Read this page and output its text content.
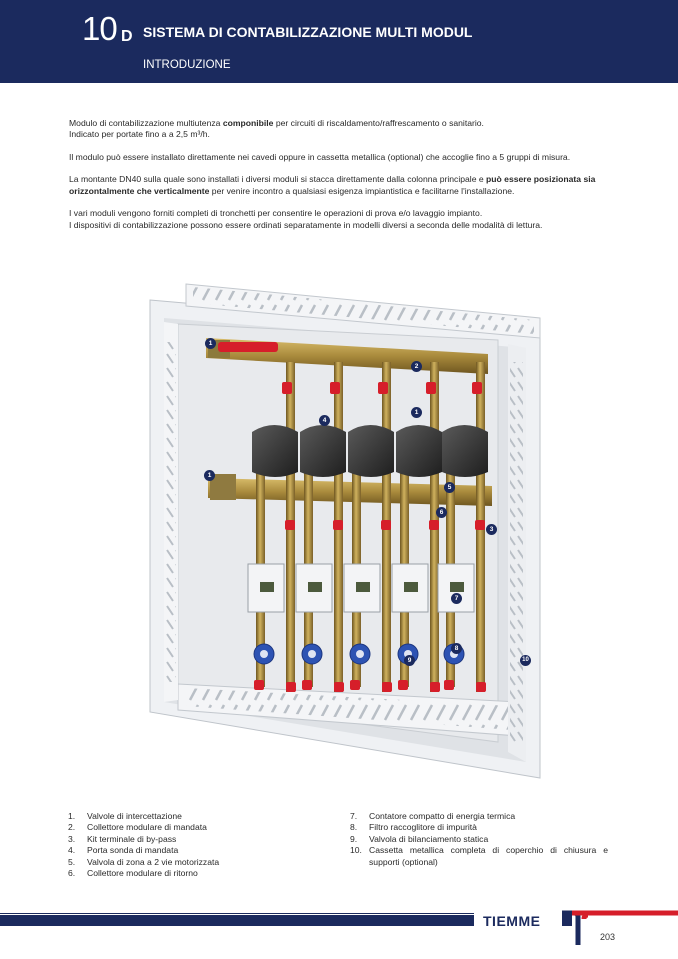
10 D SISTEMA DI CONTABILIZZAZIONE MULTI MODUL
INTRODUZIONE

Modulo di contabilizzazione multiutenza componibile per circuiti di riscaldamento/raffrescamento o sanitario.
Indicato per portate fino a a 2,5 m³/h.

Il modulo può essere installato direttamente nei cavedi oppure in cassetta metallica (optional) che accoglie fino a 5 gruppi di misura.

La montante DN40 sulla quale sono installati i diversi moduli si stacca direttamente dalla colonna principale e può essere posizionata sia orizzontalmente che verticalmente per venire incontro a qualsiasi esigenza impiantistica e facilitarne l'installazione.

I vari moduli vengono forniti completi di tronchetti per consentire le operazioni di prova e/o lavaggio impianto.
I dispositivi di contabilizzazione possono essere ordinati separatamente in modelli diversi a seconda delle modalità di lettura.

1
2
4
1
1
5
6
3
7
8
9	10
1.	Valvole di intercettazione
2.	Collettore modulare di mandata
3.	Kit terminale di by-pass
4.	Porta sonda di mandata
5.	Valvola di zona a 2 vie motorizzata
6.	Collettore modulare di ritorno
7.	Contatore compatto di energia termica
8.	Filtro raccoglitore di impurità
9.	Valvola di bilanciamento statica
10. Cassetta metallica completa di coperchio di chiusura e supporti (optional)
TIEMME
203
